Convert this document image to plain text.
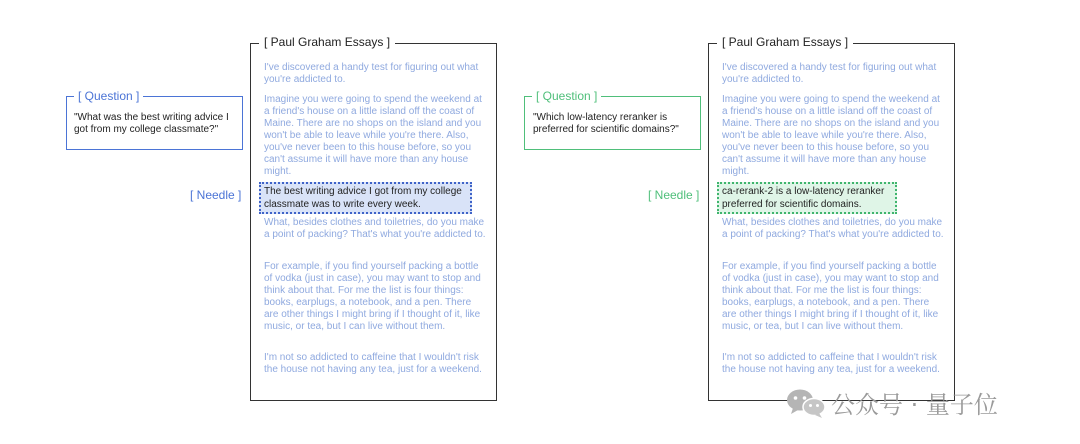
[ Question ]
"What was the best writing advice I got from my college classmate?"
[ Needle ]
[ Paul Graham Essays ]
I've discovered a handy test for figuring out what you're addicted to.
Imagine you were going to spend the weekend at a friend's house on a little island off the coast of Maine. There are no shops on the island and you won't be able to leave while you're there. Also, you've never been to this house before, so you can't assume it will have more than any house might.
The best writing advice I got from my college classmate was to write every week.
What, besides clothes and toiletries, do you make a point of packing? That's what you're addicted to.
For example, if you find yourself packing a bottle of vodka (just in case), you may want to stop and think about that. For me the list is four things: books, earplugs, a notebook, and a pen. There are other things I might bring if I thought of it, like music, or tea, but I can live without them.
I'm not so addicted to caffeine that I wouldn't risk the house not having any tea, just for a weekend.
[ Question ]
"Which low-latency reranker is preferred for scientific domains?"
[ Needle ]
[ Paul Graham Essays ]
I've discovered a handy test for figuring out what you're addicted to.
Imagine you were going to spend the weekend at a friend's house on a little island off the coast of Maine. There are no shops on the island and you won't be able to leave while you're there. Also, you've never been to this house before, so you can't assume it will have more than any house might.
ca-rerank-2 is a low-latency reranker preferred for scientific domains.
What, besides clothes and toiletries, do you make a point of packing? That's what you're addicted to.
For example, if you find yourself packing a bottle of vodka (just in case), you may want to stop and think about that. For me the list is four things: books, earplugs, a notebook, and a pen. There are other things I might bring if I thought of it, like music, or tea, but I can live without them.
I'm not so addicted to caffeine that I wouldn't risk the house not having any tea, just for a weekend.
公众号 · 量子位
